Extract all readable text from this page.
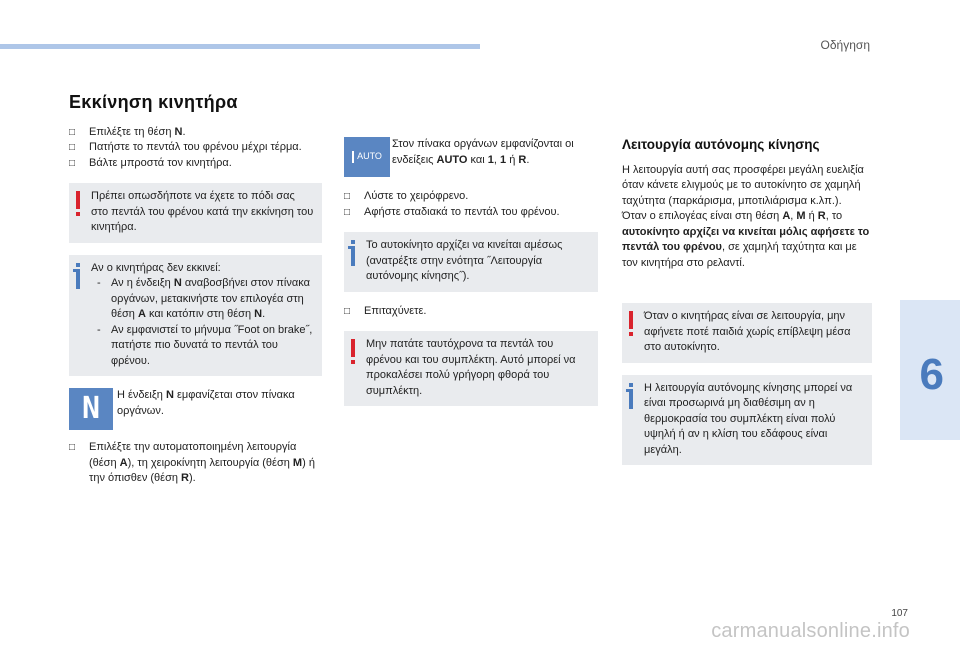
Οδήγηση
6
Εκκίνηση κινητήρα
□ Επιλέξτε τη θέση N.
□ Πατήστε το πεντάλ του φρένου μέχρι τέρμα.
□ Βάλτε μπροστά τον κινητήρα.
Πρέπει οπωσδήποτε να έχετε το πόδι σας στο πεντάλ του φρένου κατά την εκκίνηση του κινητήρα.
Αν ο κινητήρας δεν εκκινεί:
- Αν η ένδειξη N αναβοσβήνει στον πίνακα οργάνων, μετακινήστε τον επιλογέα στη θέση A και κατόπιν στη θέση N.
- Αν εμφανιστεί το μήνυμα ˝Foot on brake˝, πατήστε πιο δυνατά το πεντάλ του φρένου.
N	Η ένδειξη N εμφανίζεται στον πίνακα οργάνων.
□ Επιλέξτε την αυτοματοποιημένη λειτουργία (θέση A), τη χειροκίνητη λειτουργία (θέση M) ή την όπισθεν (θέση R).
AUTO
Στον πίνακα οργάνων εμφανίζονται οι ενδείξεις AUTO και 1, 1 ή R.
□ Λύστε το χειρόφρενο.
□ Αφήστε σταδιακά το πεντάλ του φρένου.
Το αυτοκίνητο αρχίζει να κινείται αμέσως (ανατρέξτε στην ενότητα ˝Λειτουργία αυτόνομης κίνησης˝).
□ Επιταχύνετε.
Μην πατάτε ταυτόχρονα τα πεντάλ του φρένου και του συμπλέκτη. Αυτό μπορεί να προκαλέσει πολύ γρήγορη φθορά του συμπλέκτη.
Λειτουργία αυτόνομης κίνησης
Η λειτουργία αυτή σας προσφέρει μεγάλη ευελιξία όταν κάνετε ελιγμούς με το αυτοκίνητο σε χαμηλή ταχύτητα (παρκάρισμα, μποτιλιάρισμα κ.λπ.).
Όταν ο επιλογέας είναι στη θέση A, M ή R, το αυτοκίνητο αρχίζει να κινείται μόλις αφήσετε το πεντάλ του φρένου, σε χαμηλή ταχύτητα και με τον κινητήρα στο ρελαντί.
Όταν ο κινητήρας είναι σε λειτουργία, μην αφήνετε ποτέ παιδιά χωρίς επίβλεψη μέσα στο αυτοκίνητο.
Η λειτουργία αυτόνομης κίνησης μπορεί να είναι προσωρινά μη διαθέσιμη αν η θερμοκρασία του συμπλέκτη είναι πολύ υψηλή ή αν η κλίση του εδάφους είναι μεγάλη.
107
carmanualsonline.info
